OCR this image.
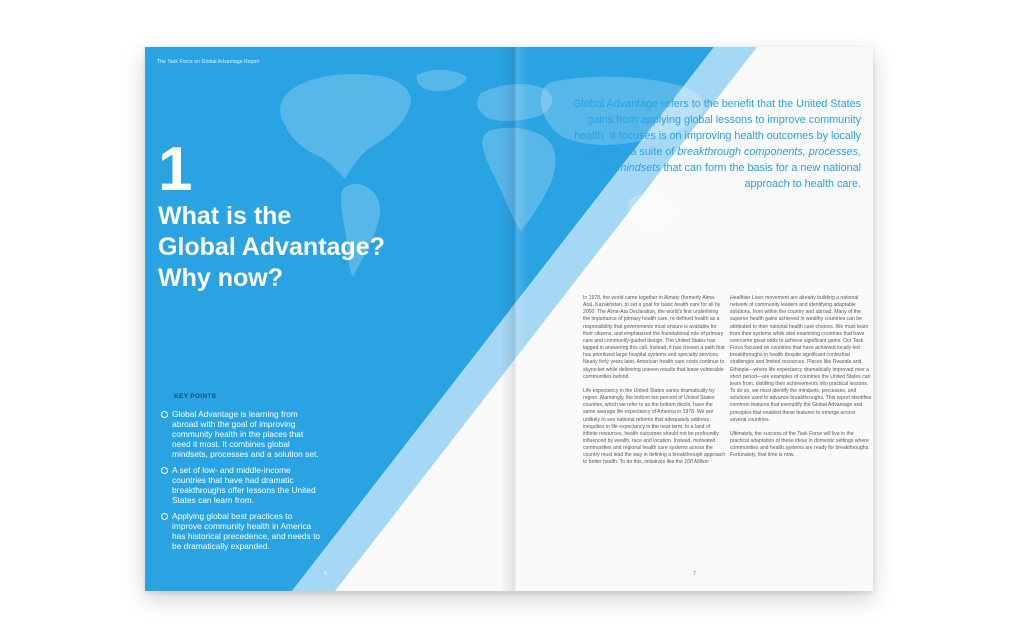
The Task Force on Global Advantage Report
1
What is the
Global Advantage?
Why now?
KEY POINTS
Global Advantage is learning from abroad with the goal of improving community health in the places that need it most. It combines global mindsets, processes and a solution set.
A set of low- and middle-income countries that have had dramatic breakthroughs offer lessons the United States can learn from.
Applying global best practices to improve community health in America has historical precedence, and needs to be dramatically expanded.
6	7
Global Advantage refers to the benefit that the United States gains from applying global lessons to improve community health. It focuses is on improving health outcomes by locally adapting a suite of breakthrough components, processes, and mindsets that can form the basis for a new national approach to health care.

In 1978, the world came together in Almaty (formerly Alma-Ata), Kazakhstan, to set a goal for basic health care for all by 2000. The Alma-Ata Declaration, the world's first underlining the importance of primary health care, re-defined health as a responsibility that governments must ensure is available for their citizens, and emphasized the foundational role of primary care and community-guided design. The United States has lagged in answering this call. Instead, it has chosen a path that has prioritized large hospital systems and specialty services. Nearly forty years later, American health care costs continue to skyrocket while delivering uneven results that leave vulnerable communities behind.

Life expectancy in the United States varies dramatically by region. Alarmingly, the bottom ten percent of United States counties, which we refer to as the bottom decile, have the same average life expectancy of America in 1978. We are unlikely to see national reforms that adequately address inequities in life expectancy in the near term. In a land of infinite resources, health outcomes should not be profoundly influenced by wealth, race and location. Instead, motivated communities and regional health care systems across the country must lead the way in defining a breakthrough approach to better health. To do this, initiatives like the 100 Million

Healthier Lives movement are already building a national network of community leaders and identifying adaptable solutions, from within the country and abroad. Many of the superior health gains achieved in wealthy countries can be attributed to their national health care choices. We must learn from their systems while also examining countries that have overcome great odds to achieve significant gains. Our Task Force focused on countries that have achieved locally-led breakthroughs in health despite significant contextual challenges and limited resources. Places like Rwanda and Ethiopia—where life expectancy dramatically improved over a short period—are examples of countries the United States can learn from, distilling their achievements into practical lessons. To do so, we must identify the mindsets, processes, and solutions used to advance breakthroughs. This report identifies common features that exemplify the Global Advantage and principles that enabled these features to emerge across several countries.

Ultimately, the success of the Task Force will live in the practical adaptation of these ideas in domestic settings where communities and health systems are ready for breakthroughs. Fortunately, that time is now.
